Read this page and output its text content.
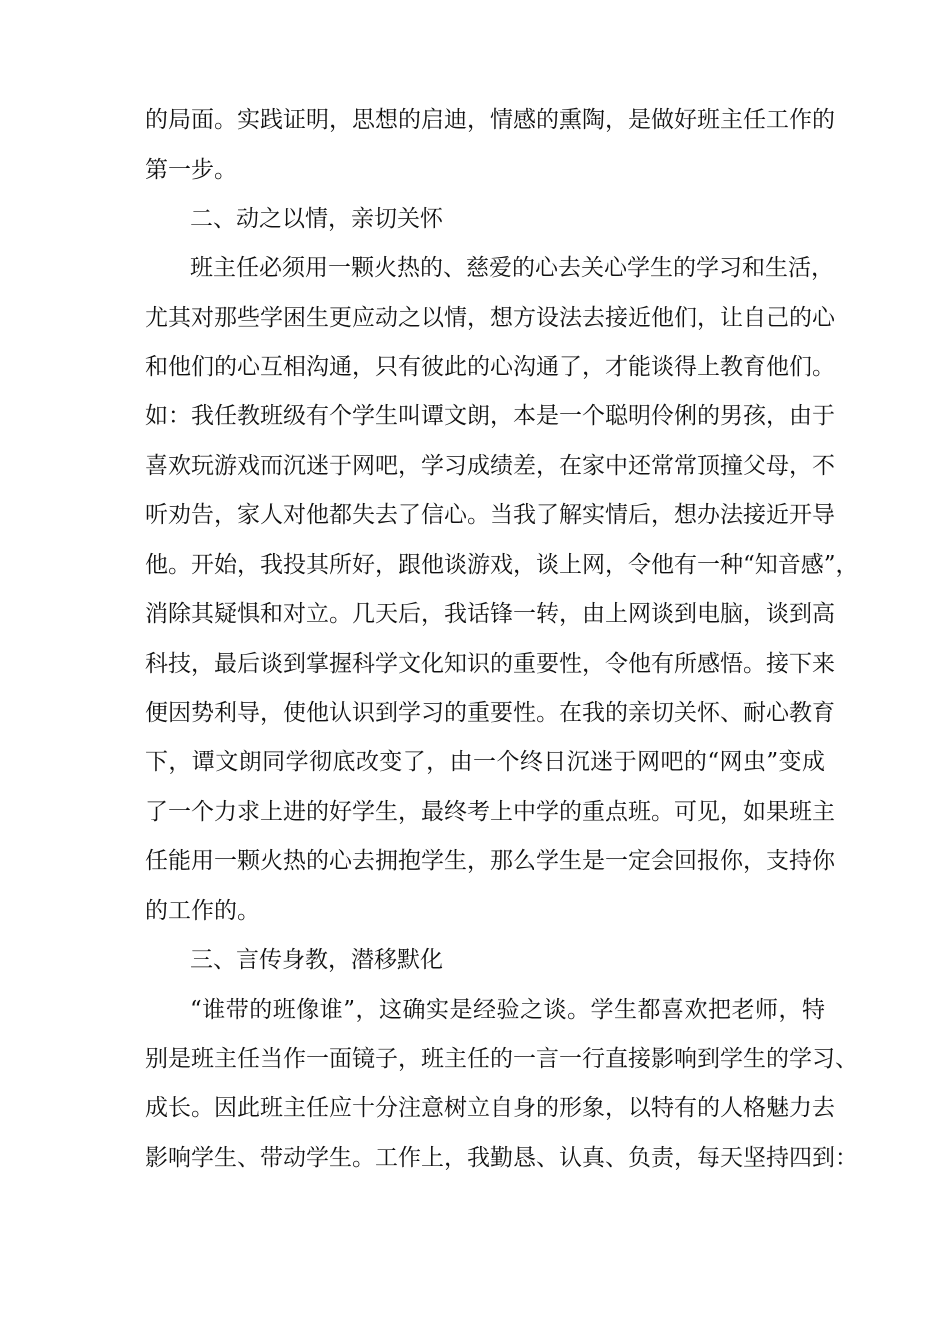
的局面。实践证明，思想的启迪，情感的熏陶，是做好班主任工作的
第一步。
二、动之以情，亲切关怀
班主任必须用一颗火热的、慈爱的心去关心学生的学习和生活，
尤其对那些学困生更应动之以情，想方设法去接近他们，让自己的心
和他们的心互相沟通，只有彼此的心沟通了，才能谈得上教育他们。
如：我任教班级有个学生叫谭文朗，本是一个聪明伶俐的男孩，由于
喜欢玩游戏而沉迷于网吧，学习成绩差，在家中还常常顶撞父母，不
听劝告，家人对他都失去了信心。当我了解实情后，想办法接近开导
他。开始，我投其所好，跟他谈游戏，谈上网，令他有一种“知音感”，
消除其疑惧和对立。几天后，我话锋一转，由上网谈到电脑，谈到高
科技，最后谈到掌握科学文化知识的重要性，令他有所感悟。接下来
便因势利导，使他认识到学习的重要性。在我的亲切关怀、耐心教育
下，谭文朗同学彻底改变了，由一个终日沉迷于网吧的“网虫”变成
了一个力求上进的好学生，最终考上中学的重点班。可见，如果班主
任能用一颗火热的心去拥抱学生，那么学生是一定会回报你，支持你
的工作的。
三、言传身教，潜移默化
“谁带的班像谁”，这确实是经验之谈。学生都喜欢把老师，特
别是班主任当作一面镜子，班主任的一言一行直接影响到学生的学习、
成长。因此班主任应十分注意树立自身的形象，以特有的人格魅力去
影响学生、带动学生。工作上，我勤恳、认真、负责，每天坚持四到：
